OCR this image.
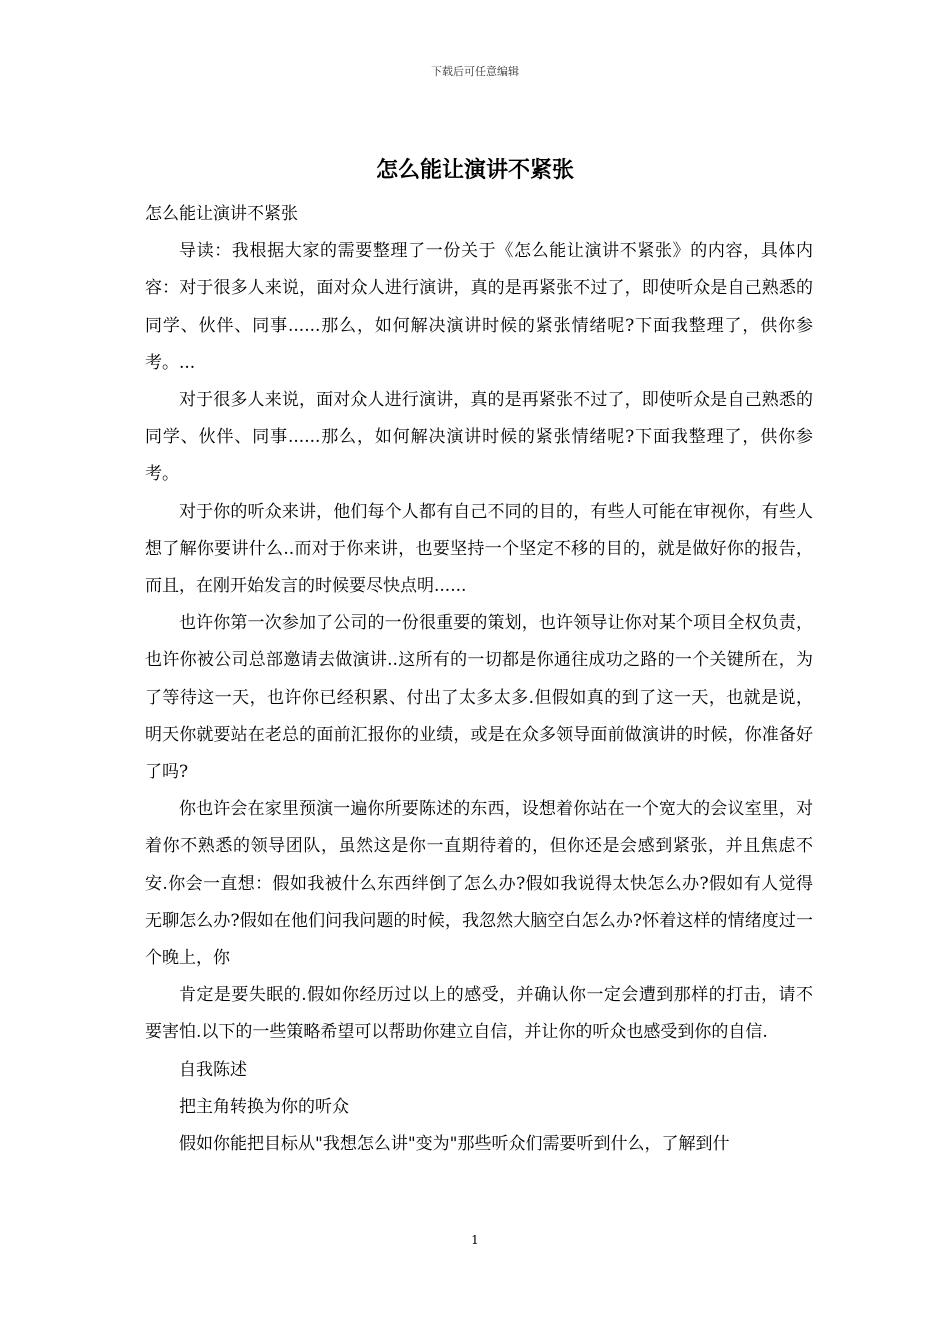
下载后可任意编辑
怎么能让演讲不紧张

怎么能让演讲不紧张

导读：我根据大家的需要整理了一份关于《怎么能让演讲不紧张》的内容，具体内容：对于很多人来说，面对众人进行演讲，真的是再紧张不过了，即使听众是自己熟悉的同学、伙伴、同事......那么，如何解决演讲时候的紧张情绪呢?下面我整理了，供你参考。...

对于很多人来说，面对众人进行演讲，真的是再紧张不过了，即使听众是自己熟悉的同学、伙伴、同事......那么，如何解决演讲时候的紧张情绪呢?下面我整理了，供你参考。

对于你的听众来讲，他们每个人都有自己不同的目的，有些人可能在审视你，有些人想了解你要讲什么..而对于你来讲，也要坚持一个坚定不移的目的，就是做好你的报告，而且，在刚开始发言的时候要尽快点明......

也许你第一次参加了公司的一份很重要的策划，也许领导让你对某个项目全权负责，也许你被公司总部邀请去做演讲..这所有的一切都是你通往成功之路的一个关键所在，为了等待这一天，也许你已经积累、付出了太多太多.但假如真的到了这一天，也就是说，明天你就要站在老总的面前汇报你的业绩，或是在众多领导面前做演讲的时候，你准备好了吗?

你也许会在家里预演一遍你所要陈述的东西，设想着你站在一个宽大的会议室里，对着你不熟悉的领导团队，虽然这是你一直期待着的，但你还是会感到紧张，并且焦虑不安.你会一直想：假如我被什么东西绊倒了怎么办?假如我说得太快怎么办?假如有人觉得无聊怎么办?假如在他们问我问题的时候，我忽然大脑空白怎么办?怀着这样的情绪度过一个晚上，你

肯定是要失眠的.假如你经历过以上的感受，并确认你一定会遭到那样的打击，请不要害怕.以下的一些策略希望可以帮助你建立自信，并让你的听众也感受到你的自信.

自我陈述

把主角转换为你的听众

假如你能把目标从"我想怎么讲"变为"那些听众们需要听到什么，了解到什

1
